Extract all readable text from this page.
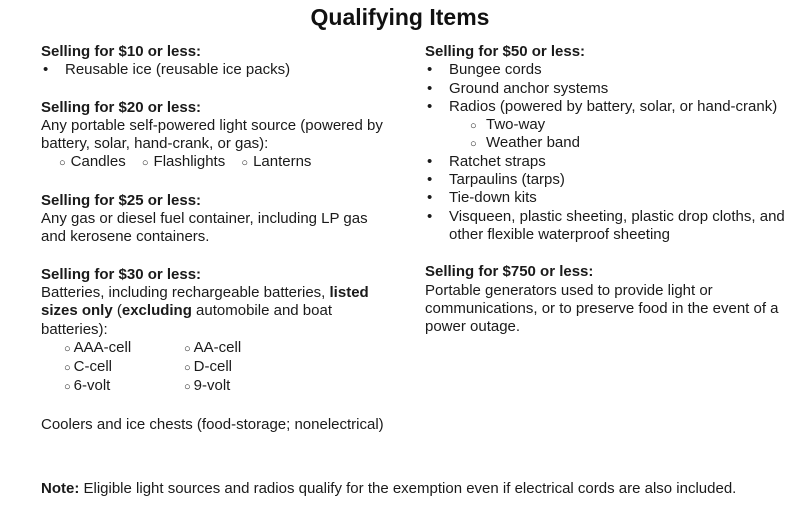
Qualifying Items
Selling for $10 or less:
• Reusable ice (reusable ice packs)
Selling for $20 or less:
Any portable self-powered light source (powered by battery, solar, hand-crank, or gas):
○ Candles ○ Flashlights ○ Lanterns
Selling for $25 or less:
Any gas or diesel fuel container, including LP gas and kerosene containers.
Selling for $30 or less:
Batteries, including rechargeable batteries, listed sizes only (excluding automobile and boat batteries):
○ AAA-cell	○ AA-cell
○ C-cell	○ D-cell
○ 6-volt	○ 9-volt
Coolers and ice chests (food-storage; nonelectrical)
Selling for $50 or less:
• Bungee cords
• Ground anchor systems
• Radios (powered by battery, solar, or hand-crank)
○ Two-way
○ Weather band
• Ratchet straps
• Tarpaulins (tarps)
• Tie-down kits
• Visqueen, plastic sheeting, plastic drop cloths, and other flexible waterproof sheeting
Selling for $750 or less:
Portable generators used to provide light or communications, or to preserve food in the event of a power outage.
Note: Eligible light sources and radios qualify for the exemption even if electrical cords are also included.
